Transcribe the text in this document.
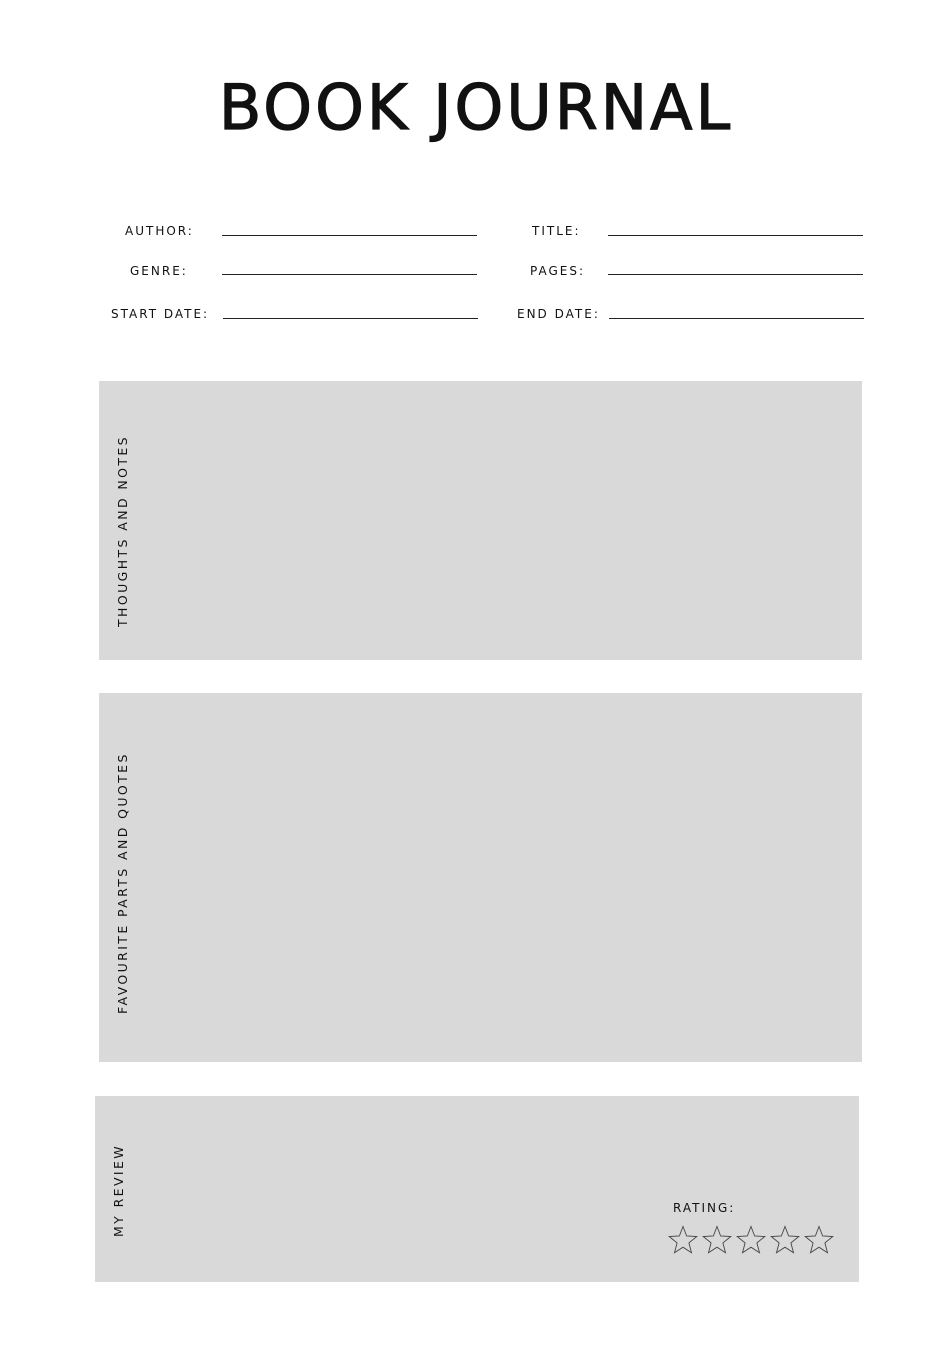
BOOK JOURNAL
AUTHOR:	TITLE:
GENRE:	PAGES:
START DATE:	END DATE:
THOUGHTS AND NOTES
FAVOURITE PARTS AND QUOTES
MY REVIEW	RATING:
